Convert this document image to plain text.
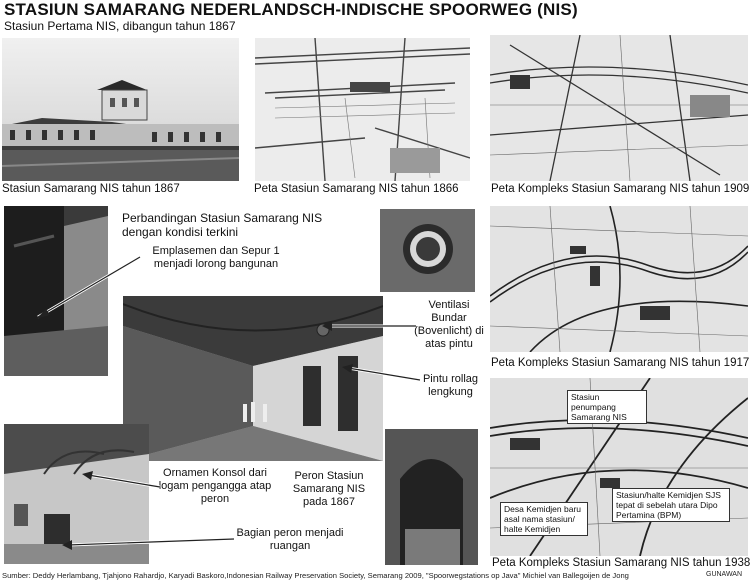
STASIUN SAMARANG NEDERLANDSCH-INDISCHE SPOORWEG (NIS)
Stasiun Pertama NIS, dibangun tahun 1867
Stasiun Samarang NIS tahun 1867	Peta Stasiun Samarang NIS tahun 1866	Peta Kompleks Stasiun Samarang NIS tahun 1909
Perbandingan Stasiun Samarang NIS dengan kondisi terkini
Emplasemen dan Sepur 1 menjadi lorong bangunan
Ventilasi Bundar (Bovenlicht) di atas pintu
Pintu rollag lengkung
Ornamen Konsol dari logam pengangga atap peron
Peron Stasiun Samarang NIS pada 1867
Bagian peron menjadi ruangan
Peta Kompleks Stasiun Samarang NIS tahun 1917
Stasiun penumpang Samarang NIS
Stasiun/halte Kemidjen SJS tepat di sebelah utara Dipo Pertamina (BPM)
Desa Kemidjen baru asal nama stasiun/ halte Kemidjen
Peta Kompleks Stasiun Samarang NIS tahun 1938
Sumber: Deddy Herlambang, Tjahjono Rahardjo, Karyadi Baskoro,Indonesian Railway Preservation Society, Semarang 2009, "Spoorwegstations op Java" Michiel van Ballegoijen de Jong	GUNAWAN
